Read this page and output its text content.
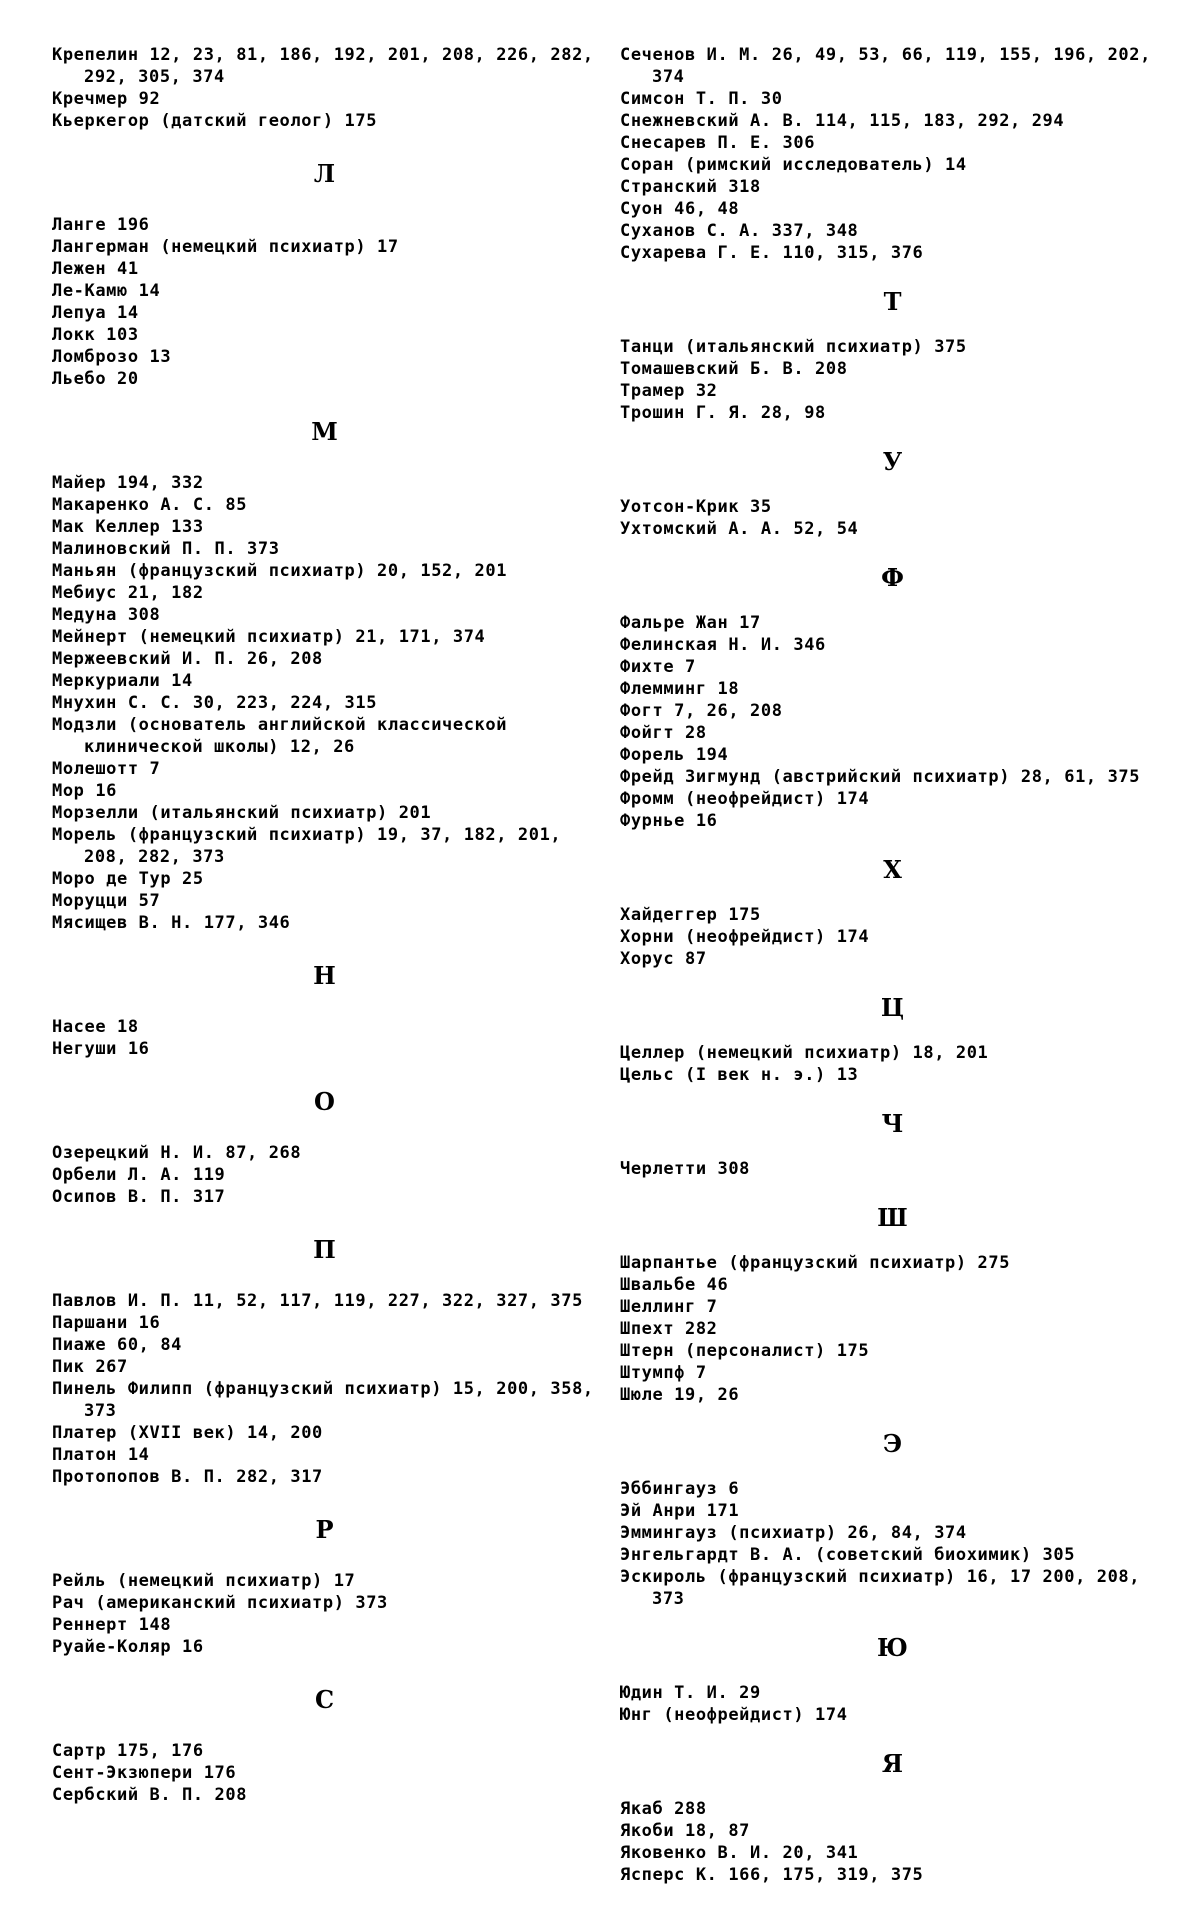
Крепелин 12, 23, 81, 186, 192, 201, 208, 226, 282, 292, 305, 374
Кречмер 92
Кьеркегор (датский геолог) 175
Л
Ланге 196
Лангерман (немецкий психиатр) 17
Лежен 41
Ле-Камю 14
Лепуа 14
Локк 103
Ломброзо 13
Льебо 20
М
Майер 194, 332
Макаренко А. С. 85
Мак Келлер 133
Малиновский П. П. 373
Маньян (французский психиатр) 20, 152, 201
Мебиус 21, 182
Медуна 308
Мейнерт (немецкий психиатр) 21, 171, 374
Мержеевский И. П. 26, 208
Меркуриали 14
Мнухин С. С. 30, 223, 224, 315
Модзли (основатель английской классической клинической школы) 12, 26
Молешотт 7
Мор 16
Морзелли (итальянский психиатр) 201
Морель (французский психиатр) 19, 37, 182, 201, 208, 282, 373
Моро де Тур 25
Моруцци 57
Мясищев В. Н. 177, 346
Н
Насее 18
Негуши 16
О
Озерецкий Н. И. 87, 268
Орбели Л. А. 119
Осипов В. П. 317
П
Павлов И. П. 11, 52, 117, 119, 227, 322, 327, 375
Паршани 16
Пиаже 60, 84
Пик 267
Пинель Филипп (французский психиатр) 15, 200, 358, 373
Платер (XVII век) 14, 200
Платон 14
Протопопов В. П. 282, 317
Р
Рейль (немецкий психиатр) 17
Рач (американский психиатр) 373
Реннерт 148
Руайе-Коляр 16
С
Сартр 175, 176
Сент-Экзюпери 176
Сербский В. П. 208
Сеченов И. М. 26, 49, 53, 66, 119, 155, 196, 202, 374
Симсон Т. П. 30
Снежневский А. В. 114, 115, 183, 292, 294
Снесарев П. Е. 306
Соран (римский исследователь) 14
Странский 318
Суон 46, 48
Суханов С. А. 337, 348
Сухарева Г. Е. 110, 315, 376
Т
Танци (итальянский психиатр) 375
Томашевский Б. В. 208
Трамер 32
Трошин Г. Я. 28, 98
У
Уотсон-Крик 35
Ухтомский А. А. 52, 54
Ф
Фальре Жан 17
Фелинская Н. И. 346
Фихте 7
Флемминг 18
Фогт 7, 26, 208
Фойгт 28
Форель 194
Фрейд Зигмунд (австрийский психиатр) 28, 61, 375
Фромм (неофрейдист) 174
Фурнье 16
Х
Хайдеггер 175
Хорни (неофрейдист) 174
Хорус 87
Ц
Целлер (немецкий психиатр) 18, 201
Цельс (I век н. э.) 13
Ч
Черлетти 308
Ш
Шарпантье (французский психиатр) 275
Швальбе 46
Шеллинг 7
Шпехт 282
Штерн (персоналист) 175
Штумпф 7
Шюле 19, 26
Э
Эббингауз 6
Эй Анри 171
Эммингауз (психиатр) 26, 84, 374
Энгельгардт В. А. (советский биохимик) 305
Эскироль (французский психиатр) 16, 17 200, 208, 373
Ю
Юдин Т. И. 29
Юнг (неофрейдист) 174
Я
Якаб 288
Якоби 18, 87
Яковенко В. И. 20, 341
Ясперс К. 166, 175, 319, 375
